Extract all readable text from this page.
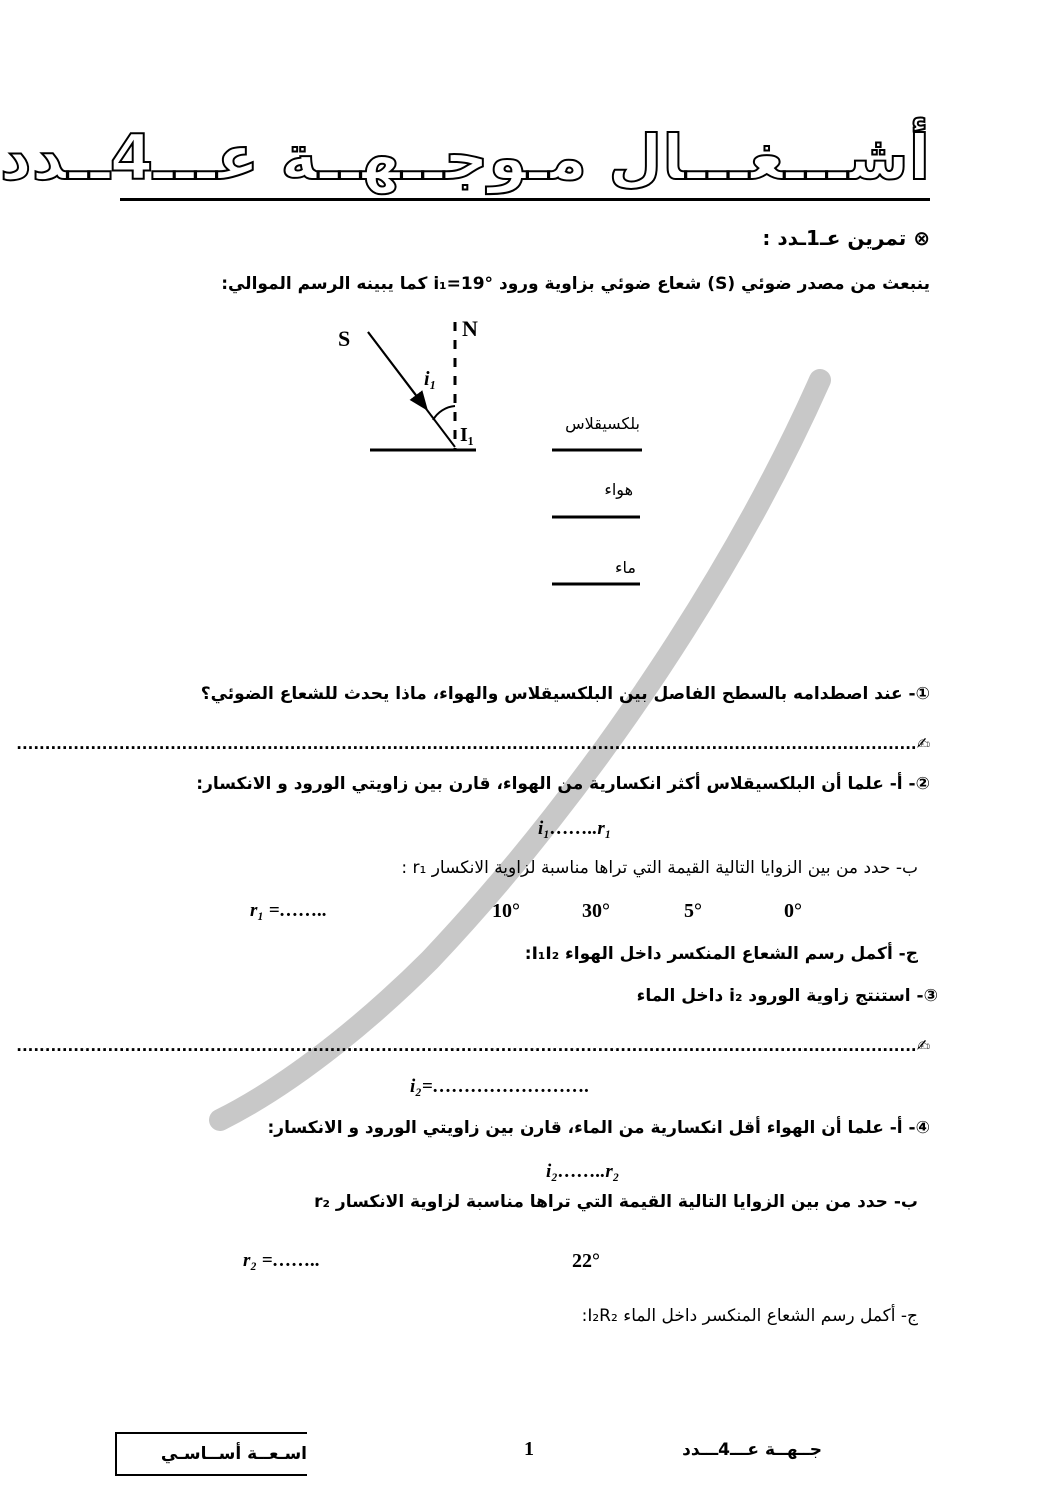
أشـــغـــال مـوجــهــة عـــ4ــدد
⊗ تمرين عـ1ـدد :
ينبعث من مصدر ضوئي (S) شعاع ضوئي بزاوية ورود i₁=19° كما يبينه الرسم الموالي:
S	N
i₁
I₁
بلكسيقلاس
هواء
ماء
①- عند اصطدامه بالسطح الفاصل بين البلكسيقلاس والهواء، ماذا يحدث للشعاع الضوئي؟
✍..............................................................................................................................................................
②- أ- علما أن البلكسيقلاس أكثر انكسارية من الهواء، قارن بين زاويتي الورود و الانكسار:
i₁……..r₁
ب- حدد من بين الزوايا التالية القيمة التي تراها مناسبة لزاوية الانكسار r₁ :
r₁ =……..	10°	30°	5°	0°
ج- أكمل رسم الشعاع المنكسر داخل الهواء I₁I₂:
③- استنتج زاوية الورود i₂ داخل الماء
✍..............................................................................................................................................................
i₂=…………………….
④- أ- علما أن الهواء أقل انكسارية من الماء، قارن بين زاويتي الورود و الانكسار:
i₂……..r₂
ب- حدد من بين الزوايا التالية القيمة التي تراها مناسبة لزاوية الانكسار r₂
r₂ =……..	22°
ج- أكمل رسم الشعاع المنكسر داخل الماء I₂R₂:
اسـعــة أســاسـي	1	جــهــة عـــ4ـــدد
